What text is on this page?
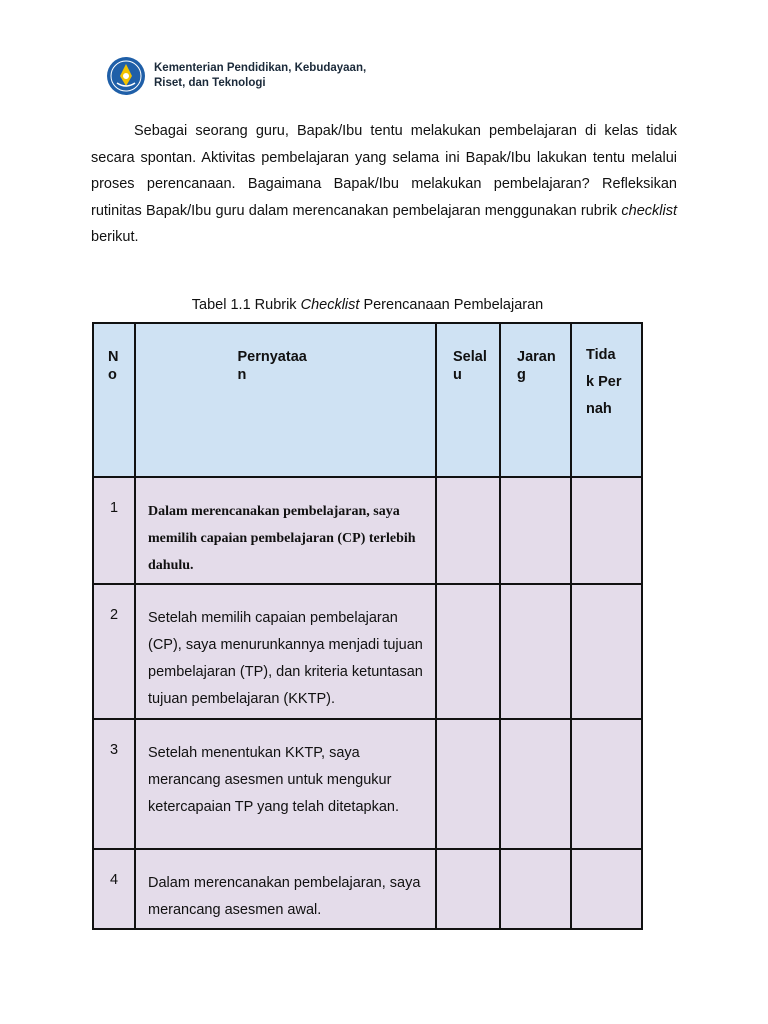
Kementerian Pendidikan, Kebudayaan,
Riset, dan Teknologi

Sebagai seorang guru, Bapak/Ibu tentu melakukan pembelajaran di kelas tidak secara spontan. Aktivitas pembelajaran yang selama ini Bapak/Ibu lakukan tentu melalui proses perencanaan. Bagaimana Bapak/Ibu melakukan pembelajaran? Refleksikan rutinitas Bapak/Ibu guru dalam merencanakan pembelajaran menggunakan rubrik checklist berikut.

Tabel 1.1 Rubrik Checklist Perencanaan Pembelajaran
No	Pernyataan	Selalu	Jarang	Tidak Pernah

1	Dalam merencanakan pembelajaran, saya memilih capaian pembelajaran (CP) terlebih dahulu.			
2	Setelah memilih capaian pembelajaran (CP), saya menurunkannya menjadi tujuan pembelajaran (TP), dan kriteria ketuntasan tujuan pembelajaran (KKTP).			
3	Setelah menentukan KKTP, saya merancang asesmen untuk mengukur ketercapaian TP yang telah ditetapkan.			
4	Dalam merencanakan pembelajaran, saya merancang asesmen awal.			
